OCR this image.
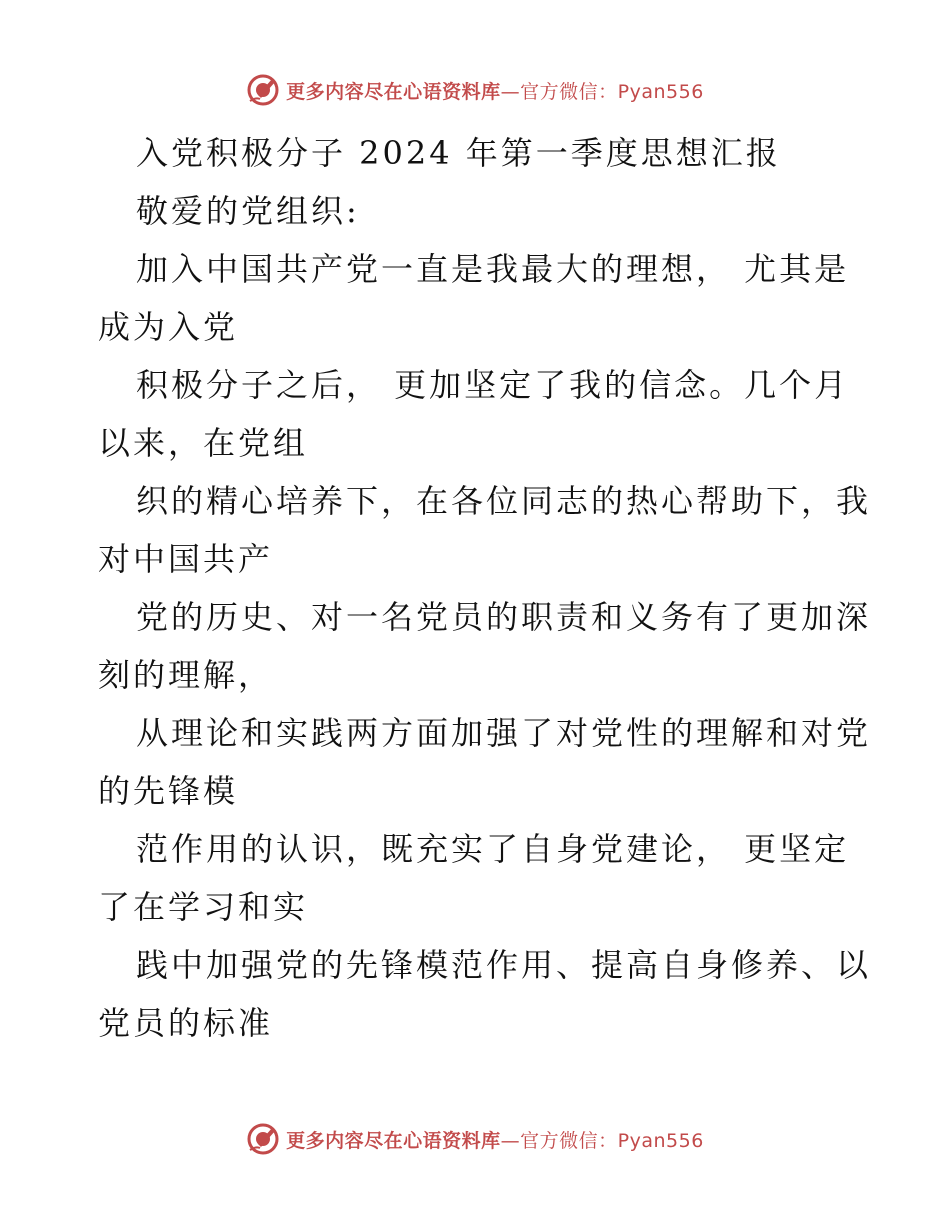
更多内容尽在心语资料库—官方微信：Pyan556
入党积极分子 2024 年第一季度思想汇报
敬爱的党组织:
加入中国共产党一直是我最大的理想， 尤其是
成为入党
积极分子之后， 更加坚定了我的信念。几个月
以来，在党组
织的精心培养下，在各位同志的热心帮助下，我
对中国共产
党的历史、对一名党员的职责和义务有了更加深
刻的理解，
从理论和实践两方面加强了对党性的理解和对党
的先锋模
范作用的认识，既充实了自身党建论， 更坚定
了在学习和实
践中加强党的先锋模范作用、提高自身修养、以
党员的标准
更多内容尽在心语资料库—官方微信：Pyan556
